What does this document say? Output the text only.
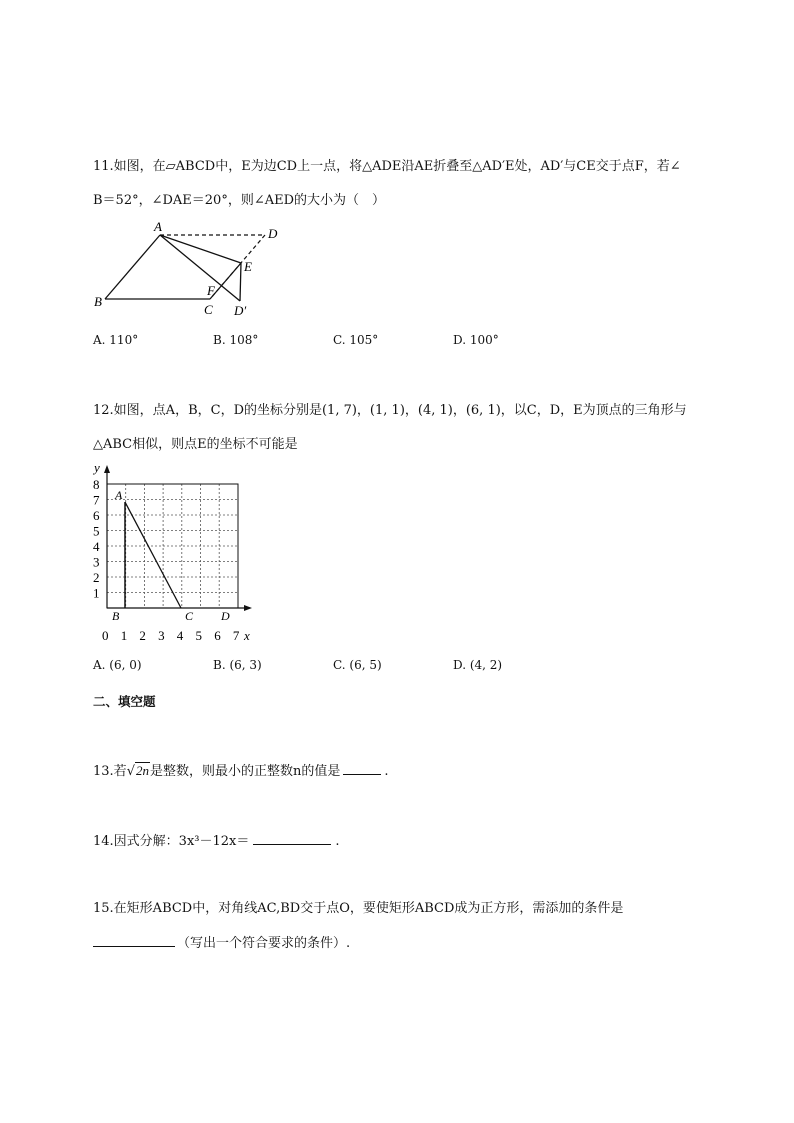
11.如图，在▱ABCD中，E为边CD上一点，将△ADE沿AE折叠至△AD′E处，AD′与CE交于点F，若∠
B＝52°，∠DAE＝20°，则∠AED的大小为（　）
A
B
C
D
E
F
D′
A. 110°	B. 108°	C. 105°	D. 100°
12.如图，点A，B，C，D的坐标分别是(1, 7)，(1, 1)，(4, 1)，(6, 1)，以C，D，E为顶点的三角形与
△ABC相似，则点E的坐标不可能是
y
x
8
7
6
5
4
3
2
1
0 1 2 3 4 5 6 7
A
B	C D
A. (6, 0)	B. (6, 3)	C. (6, 5)	D. (4, 2)
二、填空题
13.若√2n是整数，则最小的正整数n的值是	.
14.因式分解：3x³－12x＝	.
15.在矩形ABCD中，对角线AC,BD交于点O，要使矩形ABCD成为正方形，需添加的条件是
（写出一个符合要求的条件）.
